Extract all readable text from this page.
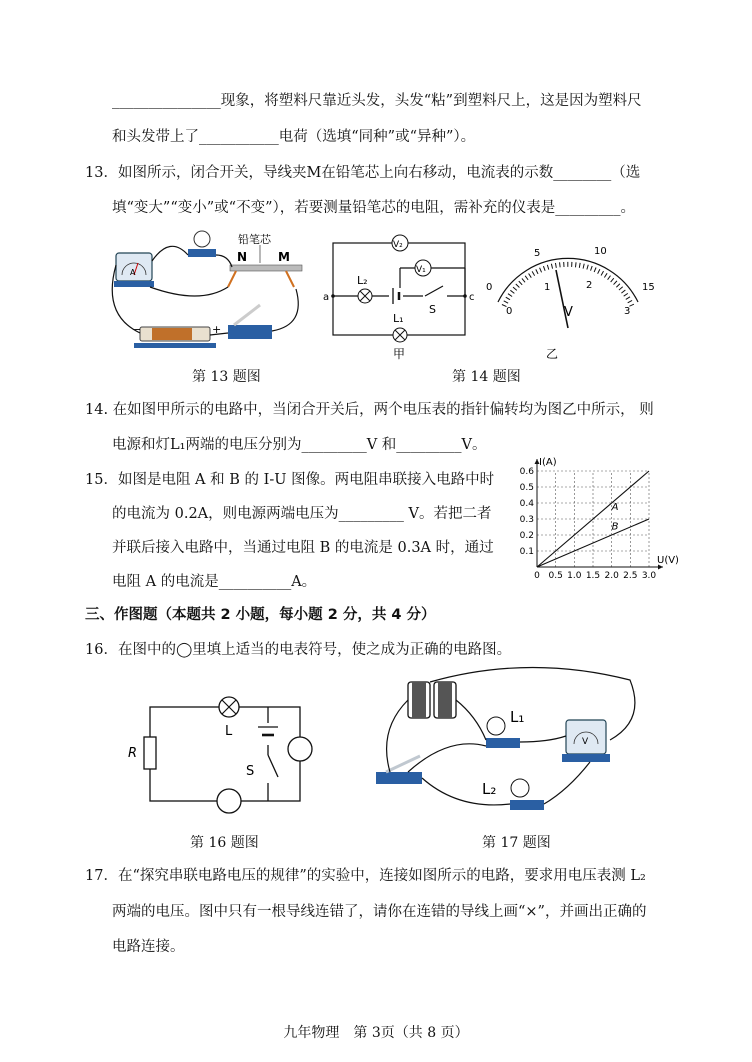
_______________现象，将塑料尺靠近头发，头发“粘”到塑料尺上，这是因为塑料尺
和头发带上了___________电荷（选填“同种”或“异种”）。
13．如图所示，闭合开关，导线夹M在铅笔芯上向右移动，电流表的示数________（选
填“变大”“变小”或“不变”），若要测量铅笔芯的电阻，需补充的仪表是_________。
A
铅笔芯
N	M
−	+
第 13 题图
V₂
V₁
L₂
S
a	c
L₁
甲
0
5	10
15
0
1	2
3
V
乙
第 14 题图
14. 在如图甲所示的电路中，当闭合开关后，两个电压表的指针偏转均为图乙中所示， 则
电源和灯L₁两端的电压分别为_________V 和_________V。
15．如图是电阻 A 和 B 的 I-U 图像。两电阻串联接入电路中时
的电流为 0.2A，则电源两端电压为_________ V。若把二者
并联后接入电路中，当通过电阻 B 的电流是 0.3A 时，通过
电阻 A 的电流是__________A。	0 0.5 1.0 1.5 2.0 2.5 3.0
0.1
0.2
0.3
0.4
0.5
0.6
U(V)
I(A)
A
B
三、作图题（本题共 2 小题，每小题 2 分，共 4 分）
16．在图中的◯里填上适当的电表符号，使之成为正确的电路图。
R
L
S
第 16 题图
L₁
L₂
V
第 17 题图
17．在“探究串联电路电压的规律”的实验中，连接如图所示的电路，要求用电压表测 L₂
两端的电压。图中只有一根导线连错了，请你在连错的导线上画“×”，并画出正确的
电路连接。
九年物理　第 3页（共 8 页）
